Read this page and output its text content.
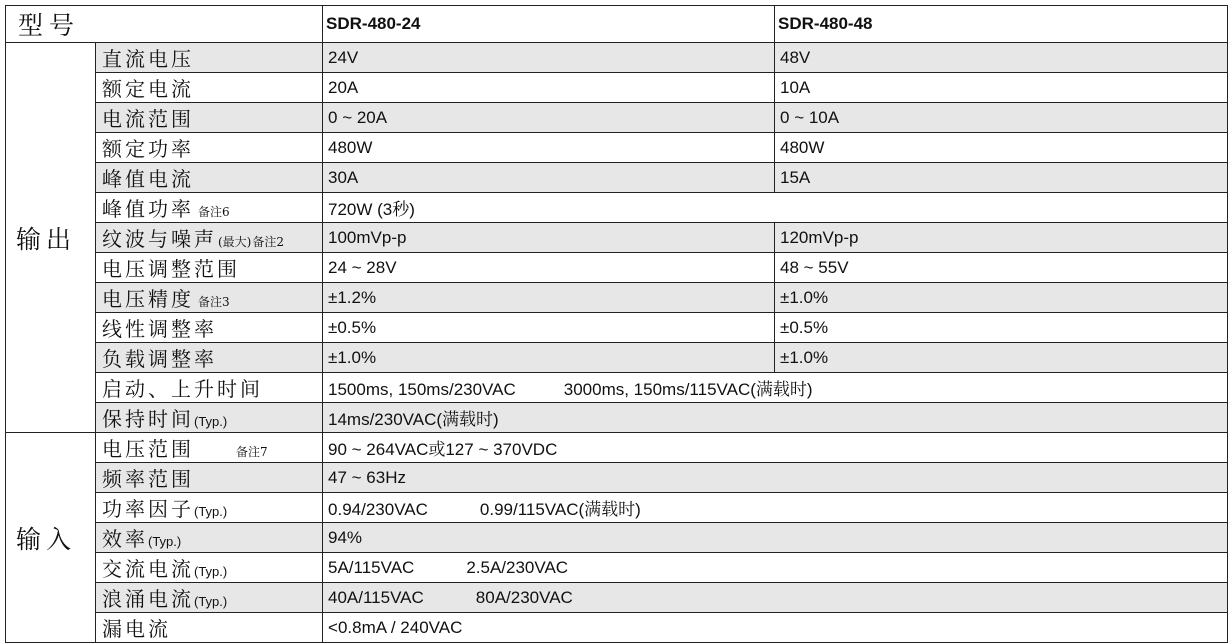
型号		SDR-480-24	SDR-480-48
输出	直流电压	24V	48V
	额定电流	20A	10A
	电流范围	0 ~ 20A	0 ~ 10A
	额定功率	480W	480W
	峰值电流	30A	15A
	峰值功率 备注6	720W (3秒)	
	纹波与噪声(最大)备注2	100mVp-p	120mVp-p
	电压调整范围	24 ~ 28V	48 ~ 55V
	电压精度 备注3	±1.2%	±1.0%
	线性调整率	±0.5%	±0.5%
	负载调整率	±1.0%	±1.0%
	启动、上升时间	1500ms, 150ms/230VAC 3000ms, 150ms/115VAC(满载时)	
	保持时间(Typ.)	14ms/230VAC(满载时)	
输入	电压范围 备注7	90 ~ 264VAC或127 ~ 370VDC	
	频率范围	47 ~ 63Hz	
	功率因子(Typ.)	0.94/230VAC 0.99/115VAC(满载时)	
	效率(Typ.)	94%	
	交流电流(Typ.)	5A/115VAC 2.5A/230VAC	
	浪涌电流(Typ.)	40A/115VAC 80A/230VAC	
	漏电流	<0.8mA / 240VAC	
